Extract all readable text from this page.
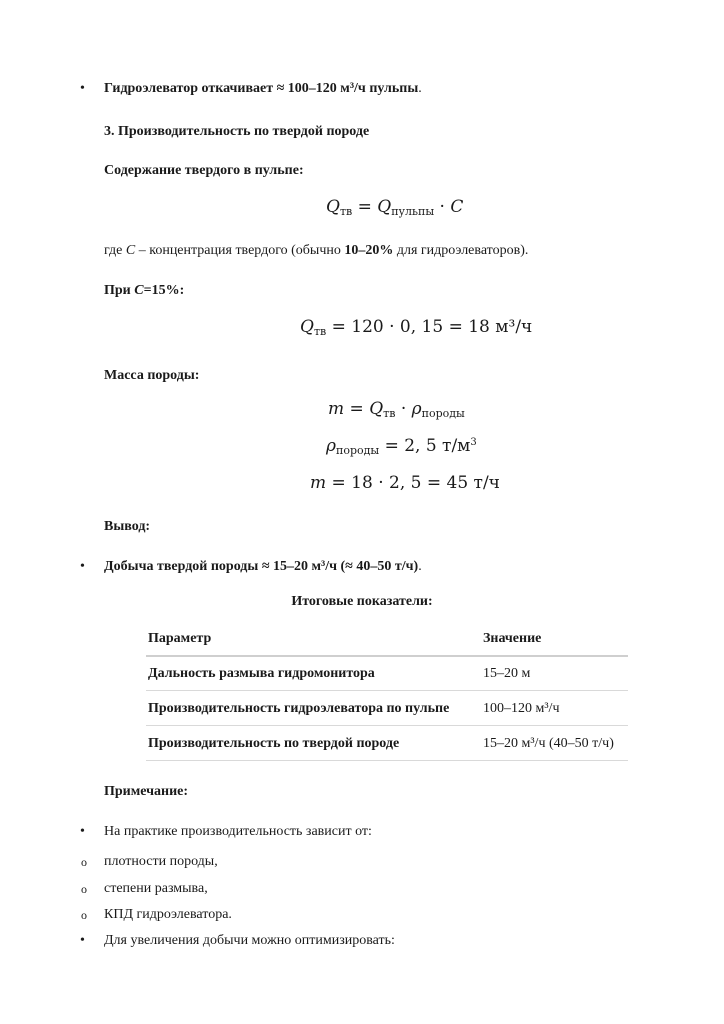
• Гидроэлеватор откачивает ≈ 100–120 м³/ч пульпы.
3. Производительность по твердой породе
Содержание твердого в пульпе:
$Q_{тв} = Q_{пульпы} \cdot C$
где C – концентрация твердого (обычно 10–20% для гидроэлеваторов).
При C=15%:
$Q_{тв} = 120 \cdot 0$, 15 = 18 м³/ч
Масса породы:
$m = Q_{тв} \cdot \rho_{породы}$
$\rho_{породы} = 2$, 5 $т/м^3$
m = 18 · 2, 5 = 45 т/ч
Вывод:
• Добыча твердой породы ≈ 15–20 м³/ч (≈ 40–50 т/ч).
Итоговые показатели:
Параметр	Значение
Дальность размыва гидромонитора	15–20 м
Производительность гидроэлеватора по пульпе 100–120 м³/ч
Производительность по твердой породе	15–20 м³/ч (40–50 т/ч)
Примечание:
• На практике производительность зависит от:
o плотности породы,
o степени размыва,
o КПД гидроэлеватора.
• Для увеличения добычи можно оптимизировать:
